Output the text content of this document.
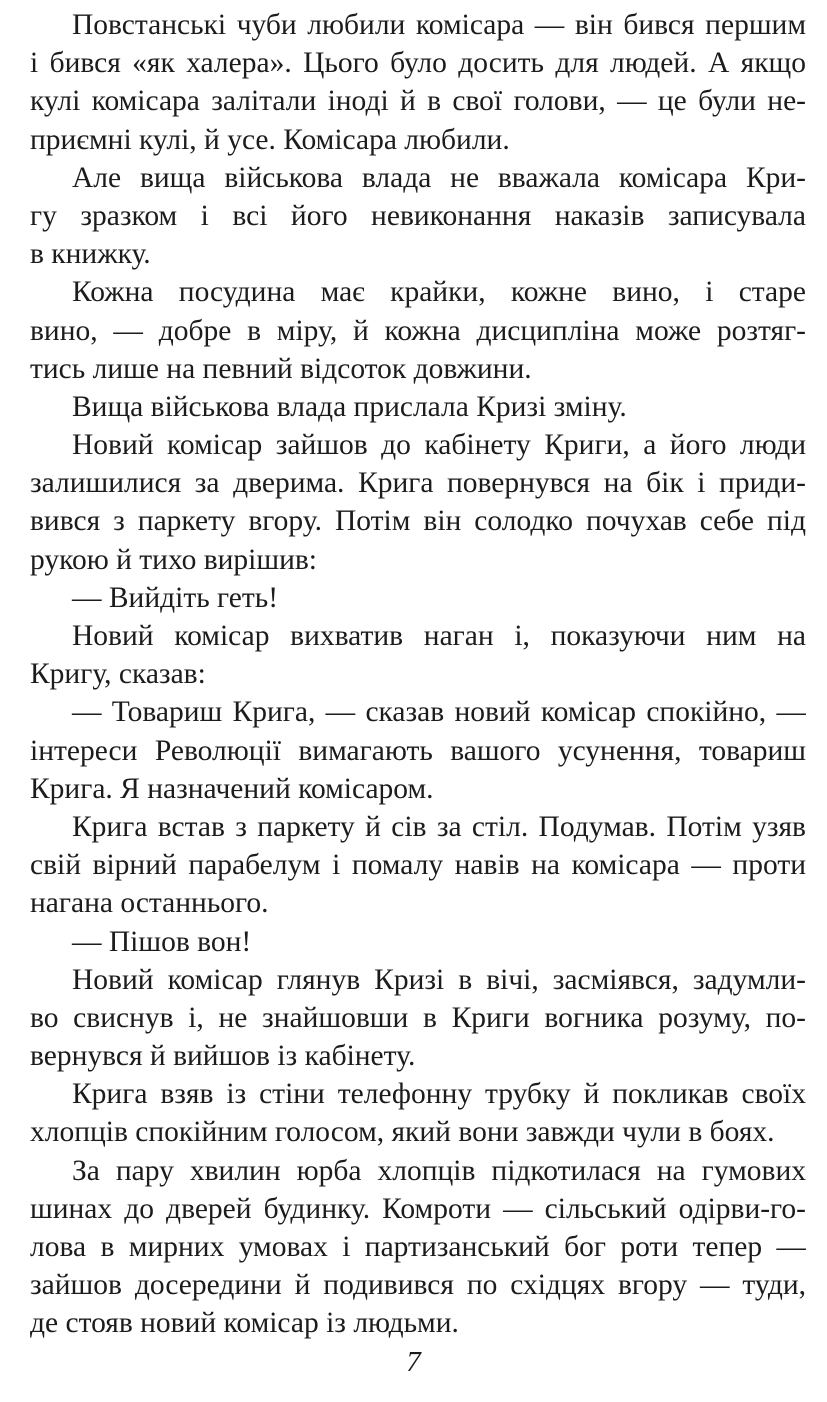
Повстанські чуби любили комісара — він бився першим
і бився «як халера». Цього було досить для людей. А якщо
кулі комісара залітали іноді й в свої голови, — це були не-
приємні кулі, й усе. Комісара любили.
Але вища військова влада не вважала комісара Кри-
гу зразком і всі його невиконання наказів записувала
в книжку.
Кожна посудина має крайки, кожне вино, і старе
вино, — добре в міру, й кожна дисципліна може розтяг-
тись лише на певний відсоток довжини.
Вища військова влада прислала Кризі зміну.
Новий комісар зайшов до кабінету Криги, а його люди
залишилися за дверима. Крига повернувся на бік і приди-
вився з паркету вгору. Потім він солодко почухав себе під
рукою й тихо вирішив:
— Вийдіть геть!
Новий комісар вихватив наган і, показуючи ним на
Кригу, сказав:
— Товариш Крига, — сказав новий комісар спокійно, —
інтереси Революції вимагають вашого усунення, товариш
Крига. Я назначений комісаром.
Крига встав з паркету й сів за стіл. Подумав. Потім узяв
свій вірний парабелум і помалу навів на комісара — проти
нагана останнього.
— Пішов вон!
Новий комісар глянув Кризі в вічі, засміявся, задумли-
во свиснув і, не знайшовши в Криги вогника розуму, по-
вернувся й вийшов із кабінету.
Крига взяв із стіни телефонну трубку й покликав своїх
хлопців спокійним голосом, який вони завжди чули в боях.
За пару хвилин юрба хлопців підкотилася на гумових
шинах до дверей будинку. Комроти — сільський одірви-го-
лова в мирних умовах і партизанський бог роти тепер —
зайшов досередини й подивився по східцях вгору — туди,
де стояв новий комісар із людьми.
7
